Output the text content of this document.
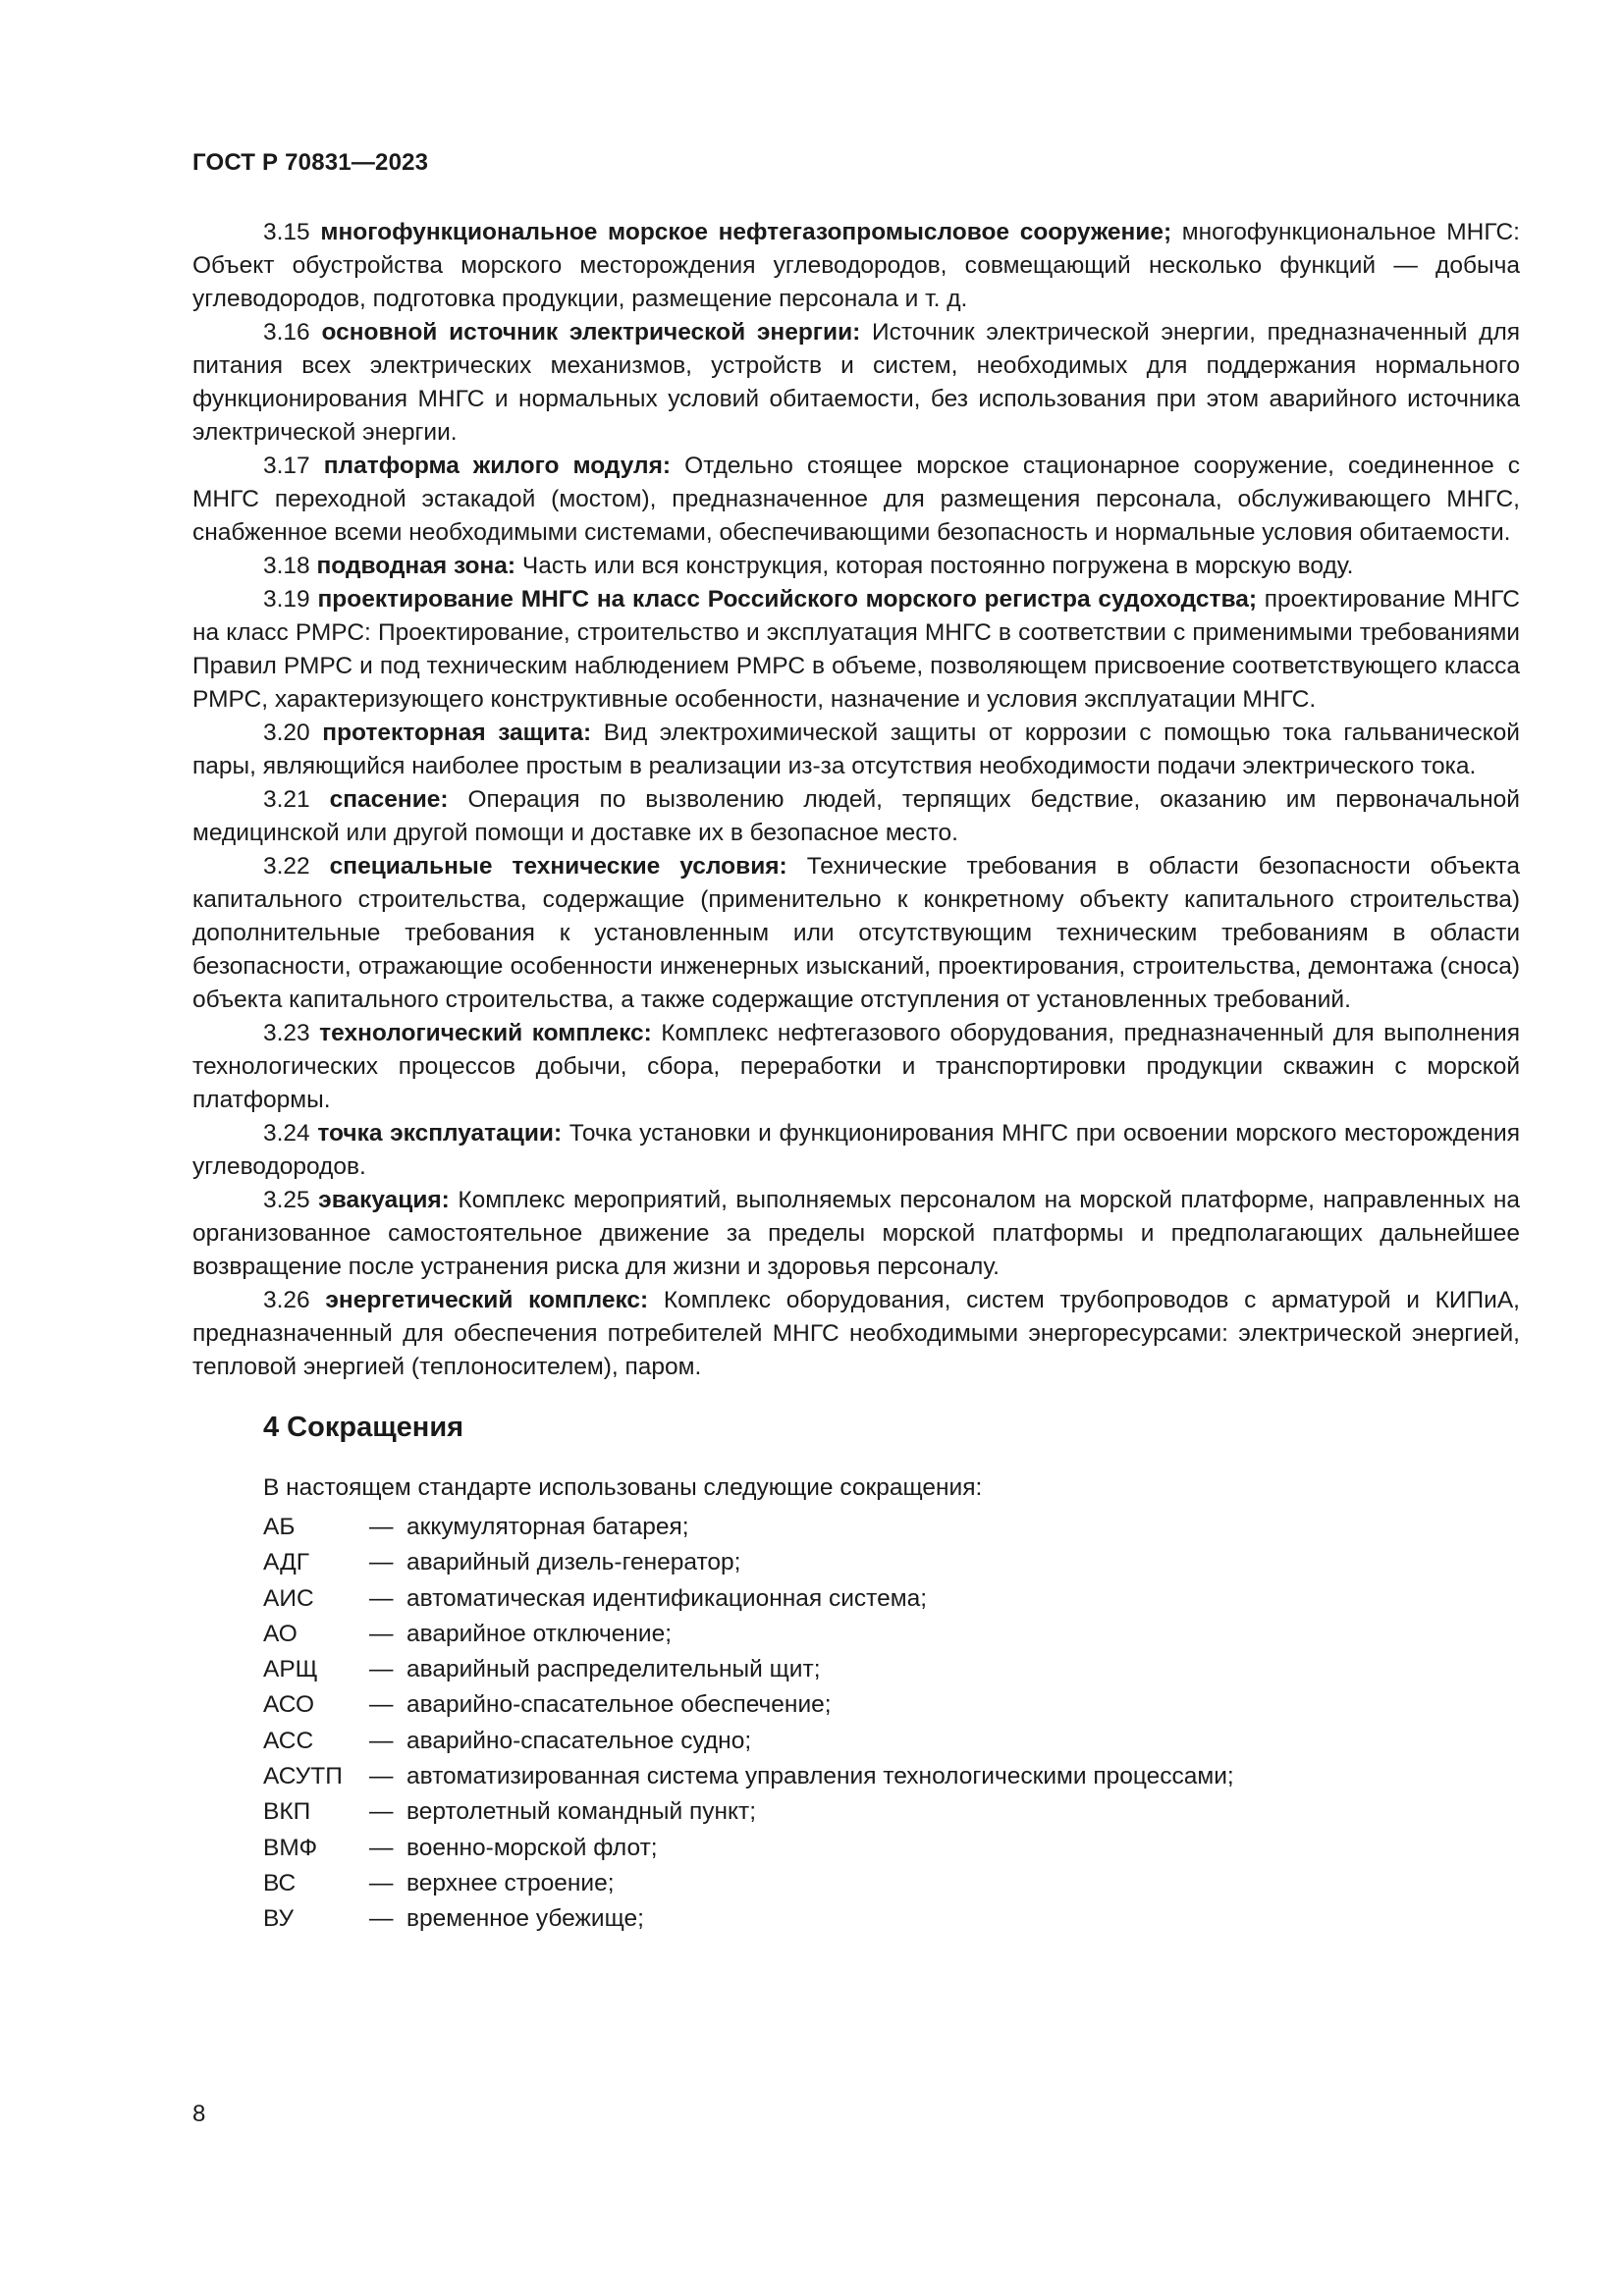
ГОСТ Р 70831—2023

3.15 многофункциональное морское нефтегазопромысловое сооружение; многофункциональное МНГС: Объект обустройства морского месторождения углеводородов, совмещающий несколько функций — добыча углеводородов, подготовка продукции, размещение персонала и т. д.

3.16 основной источник электрической энергии: Источник электрической энергии, предназначенный для питания всех электрических механизмов, устройств и систем, необходимых для поддержания нормального функционирования МНГС и нормальных условий обитаемости, без использования при этом аварийного источника электрической энергии.

3.17 платформа жилого модуля: Отдельно стоящее морское стационарное сооружение, соединенное с МНГС переходной эстакадой (мостом), предназначенное для размещения персонала, обслуживающего МНГС, снабженное всеми необходимыми системами, обеспечивающими безопасность и нормальные условия обитаемости.

3.18 подводная зона: Часть или вся конструкция, которая постоянно погружена в морскую воду.

3.19 проектирование МНГС на класс Российского морского регистра судоходства; проектирование МНГС на класс РМРС: Проектирование, строительство и эксплуатация МНГС в соответствии с применимыми требованиями Правил РМРС и под техническим наблюдением РМРС в объеме, позволяющем присвоение соответствующего класса РМРС, характеризующего конструктивные особенности, назначение и условия эксплуатации МНГС.

3.20 протекторная защита: Вид электрохимической защиты от коррозии с помощью тока гальванической пары, являющийся наиболее простым в реализации из-за отсутствия необходимости подачи электрического тока.

3.21 спасение: Операция по вызволению людей, терпящих бедствие, оказанию им первоначальной медицинской или другой помощи и доставке их в безопасное место.

3.22 специальные технические условия: Технические требования в области безопасности объекта капитального строительства, содержащие (применительно к конкретному объекту капитального строительства) дополнительные требования к установленным или отсутствующим техническим требованиям в области безопасности, отражающие особенности инженерных изысканий, проектирования, строительства, демонтажа (сноса) объекта капитального строительства, а также содержащие отступления от установленных требований.

3.23 технологический комплекс: Комплекс нефтегазового оборудования, предназначенный для выполнения технологических процессов добычи, сбора, переработки и транспортировки продукции скважин с морской платформы.

3.24 точка эксплуатации: Точка установки и функционирования МНГС при освоении морского месторождения углеводородов.

3.25 эвакуация: Комплекс мероприятий, выполняемых персоналом на морской платформе, направленных на организованное самостоятельное движение за пределы морской платформы и предполагающих дальнейшее возвращение после устранения риска для жизни и здоровья персоналу.

3.26 энергетический комплекс: Комплекс оборудования, систем трубопроводов с арматурой и КИПиА, предназначенный для обеспечения потребителей МНГС необходимыми энергоресурсами: электрической энергией, тепловой энергией (теплоносителем), паром.

4 Сокращения

В настоящем стандарте использованы следующие сокращения:

АБ	— аккумуляторная батарея;
АДГ	— аварийный дизель-генератор;
АИС	— автоматическая идентификационная система;
АО	— аварийное отключение;
АРЩ	— аварийный распределительный щит;
АСО	— аварийно-спасательное обеспечение;
АСС	— аварийно-спасательное судно;
АСУТП	— автоматизированная система управления технологическими процессами;
ВКП	— вертолетный командный пункт;
ВМФ	— военно-морской флот;
ВС	— верхнее строение;
ВУ	— временное убежище;
8
